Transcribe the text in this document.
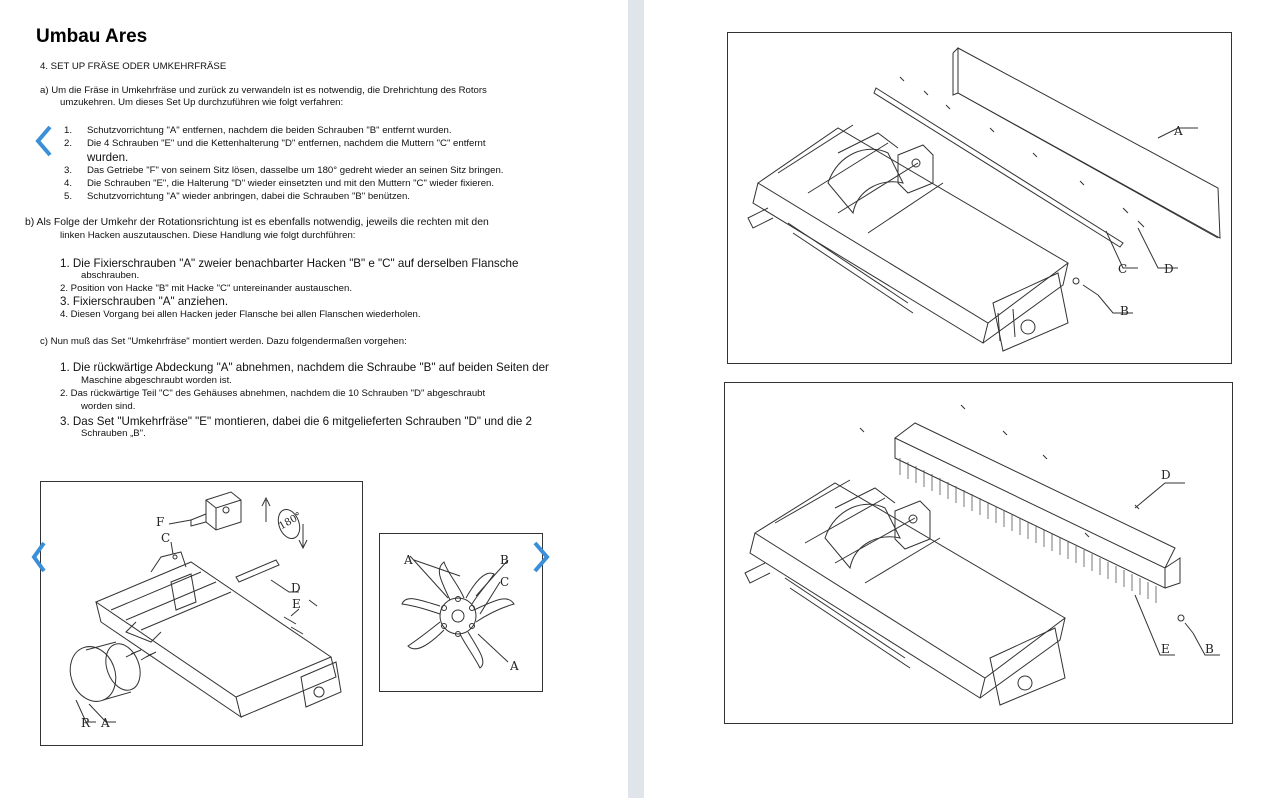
Umbau Ares
4. SET UP FRÄSE ODER UMKEHRFRÄSE
a) Um die Fräse in Umkehrfräse und zurück zu verwandeln ist es notwendig, die Drehrichtung des Rotors
umzukehren. Um dieses Set Up durchzuführen wie folgt verfahren:
1. Schutzvorrichtung "A" entfernen, nachdem die beiden Schrauben "B" entfernt wurden.
2. Die 4 Schrauben "E" und die Kettenhalterung "D" entfernen, nachdem die Muttern "C" entfernt
wurden.
3. Das Getriebe "F" von seinem Sitz lösen, dasselbe um 180° gedreht wieder an seinen Sitz bringen.
4. Die Schrauben "E", die Halterung "D" wieder einsetzten und mit den Muttern "C" wieder fixieren.
5. Schutzvorrichtung "A" wieder anbringen, dabei die Schrauben "B" benützen.
b) Als Folge der Umkehr der Rotationsrichtung ist es ebenfalls notwendig, jeweils die rechten mit den
linken Hacken auszutauschen. Diese Handlung wie folgt durchführen:
1. Die Fixierschrauben "A" zweier benachbarter Hacken "B" e "C" auf derselben Flansche
abschrauben.
2. Position von Hacke "B" mit Hacke "C" untereinander austauschen.
3. Fixierschrauben "A" anziehen.
4. Diesen Vorgang bei allen Hacken jeder Flansche bei allen Flanschen wiederholen.
c) Nun muß das Set "Umkehrfräse" montiert werden. Dazu folgendermaßen vorgehen:
1. Die rückwärtige Abdeckung "A" abnehmen, nachdem die Schraube "B" auf beiden Seiten der
Maschine abgeschraubt worden ist.
2. Das rückwärtige Teil "C" des Gehäuses abnehmen, nachdem die 10 Schrauben "D" abgeschraubt
worden sind.
3. Das Set "Umkehrfräse" "E" montieren, dabei die 6 mitgelieferten Schrauben "D" und die 2
Schrauben „B".
F
C
D
E
R A
180°
A	B
C
A
A
C	D
B
D
E	B
